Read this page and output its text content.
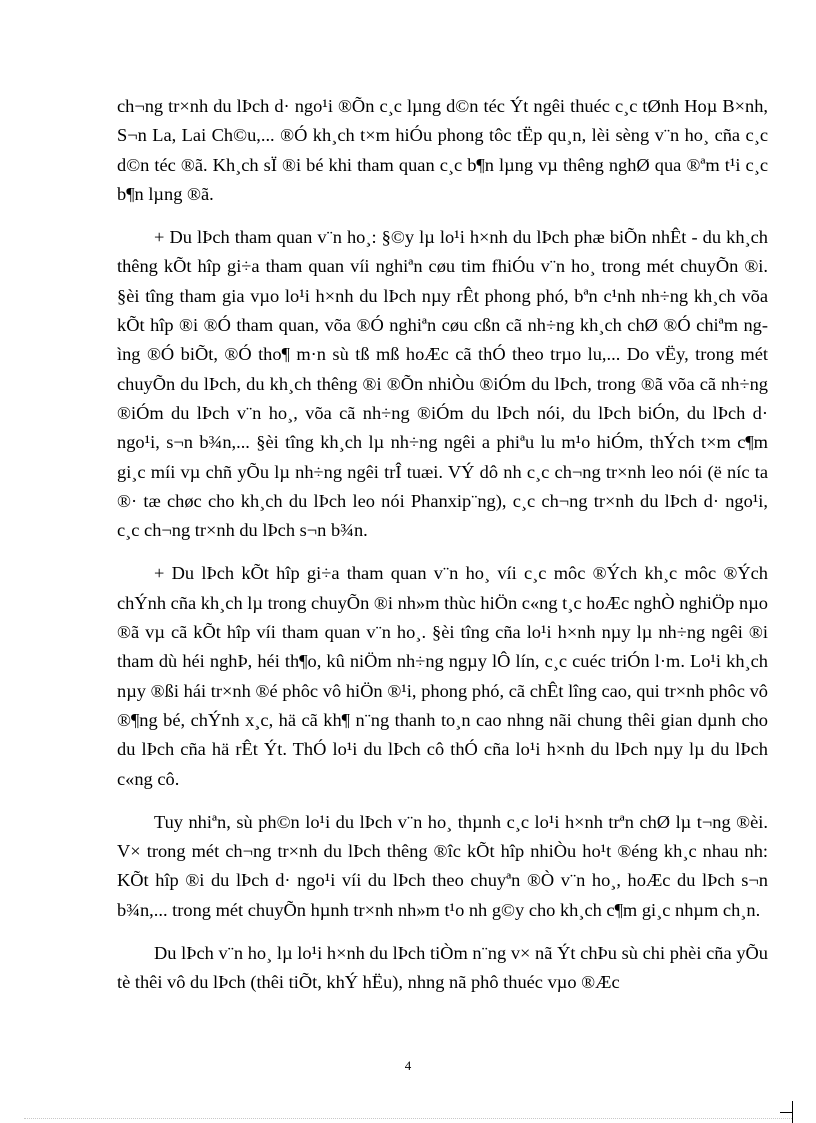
ch¬ng tr×nh du lÞch d· ngo¹i ®Õn c¸c lµng d©n téc Ýt ngêi thuéc c¸c tØnh Hoµ B×nh, S¬n La, Lai Ch©u,... ®Ó kh¸ch t×m hiÓu phong tôc tËp qu¸n, lèi sèng v¨n ho¸ cña c¸c d©n téc ®ã. Kh¸ch sÏ ®i bé khi tham quan c¸c b¶n lµng vµ thêng nghØ qua ®ªm t¹i c¸c b¶n lµng ®ã.

+ Du lÞch tham quan v¨n ho¸: §©y lµ lo¹i h×nh du lÞch phæ biÕn nhÊt - du kh¸ch thêng kÕt hîp gi÷a tham quan víi nghiªn cøu tim fhiÓu v¨n ho¸ trong mét chuyÕn ®i. §èi tîng tham gia vµo lo¹i h×nh du lÞch nµy rÊt phong phó, bªn c¹nh nh÷ng kh¸ch võa kÕt hîp ®i ®Ó tham quan, võa ®Ó nghiªn cøu cßn cã nh÷ng kh¸ch chØ ®Ó chiªm ngìng ®Ó biÕt, ®Ó tho¶ m·n sù tß mß hoÆc cã thÓ theo trµo lu,... Do vËy, trong mét chuyÕn du lÞch, du kh¸ch thêng ®i ®Õn nhiÒu ®iÓm du lÞch, trong ®ã võa cã nh÷ng ®iÓm du lÞch v¨n ho¸, võa cã nh÷ng ®iÓm du lÞch nói, du lÞch biÓn, du lÞch d· ngo¹i, s¬n b¾n,... §èi tîng kh¸ch lµ nh÷ng ngêi a phiªu lu m¹o hiÓm, thÝch t×m c¶m gi¸c míi vµ chñ yÕu lµ nh÷ng ngêi trÎ tuæi. VÝ dô nh c¸c ch¬ng tr×nh leo nói (ë níc ta ®· tæ chøc cho kh¸ch du lÞch leo nói Phanxip¨ng), c¸c ch¬ng tr×nh du lÞch d· ngo¹i, c¸c ch¬ng tr×nh du lÞch s¬n b¾n.

+ Du lÞch kÕt hîp gi÷a tham quan v¨n ho¸ víi c¸c môc ®Ých kh¸c môc ®Ých chÝnh cña kh¸ch lµ trong chuyÕn ®i nh»m thùc hiÖn c«ng t¸c hoÆc nghÒ nghiÖp nµo ®ã vµ cã kÕt hîp víi tham quan v¨n ho¸. §èi tîng cña lo¹i h×nh nµy lµ nh÷ng ngêi ®i tham dù héi nghÞ, héi th¶o, kû niÖm nh÷ng ngµy lÔ lín, c¸c cuéc triÓn l·m. Lo¹i kh¸ch nµy ®ßi hái tr×nh ®é phôc vô hiÖn ®¹i, phong phó, cã chÊt lîng cao, qui tr×nh phôc vô ®¶ng bé, chÝnh x¸c, hä cã kh¶ n¨ng thanh to¸n cao nhng nãi chung thêi gian dµnh cho du lÞch cña hä rÊt Ýt. ThÓ lo¹i du lÞch cô thÓ cña lo¹i h×nh du lÞch nµy lµ du lÞch c«ng cô.

Tuy nhiªn, sù ph©n lo¹i du lÞch v¨n ho¸ thµnh c¸c lo¹i h×nh trªn chØ lµ t¬ng ®èi. V× trong mét ch¬ng tr×nh du lÞch thêng ®îc kÕt hîp nhiÒu ho¹t ®éng kh¸c nhau nh: KÕt hîp ®i du lÞch d· ngo¹i víi du lÞch theo chuyªn ®Ò v¨n ho¸, hoÆc du lÞch s¬n b¾n,... trong mét chuyÕn hµnh tr×nh nh»m t¹o nh g©y cho kh¸ch c¶m gi¸c nhµm ch¸n.

Du lÞch v¨n ho¸ lµ lo¹i h×nh du lÞch tiÒm n¨ng v× nã Ýt chÞu sù chi phèi cña yÕu tè thêi vô du lÞch (thêi tiÕt, khÝ hËu), nhng nã phô thuéc vµo ®Æc

4
